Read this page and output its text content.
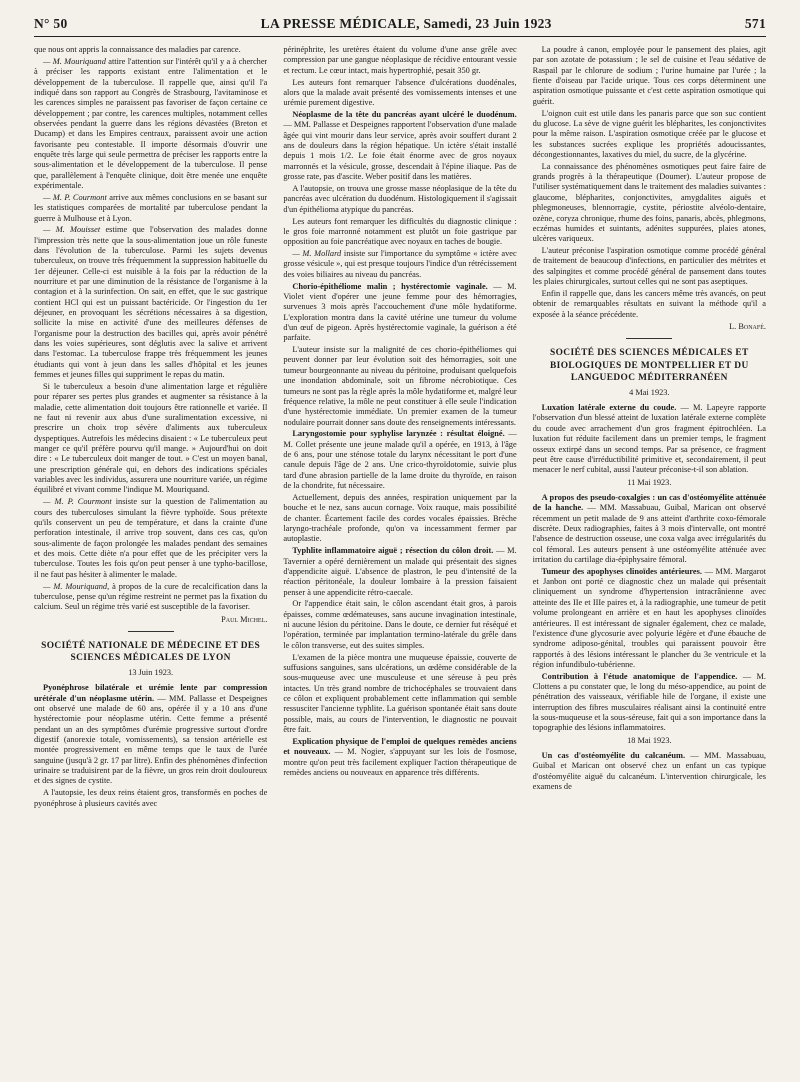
N° 50	LA PRESSE MÉDICALE, Samedi, 23 Juin 1923	571

que nous ont appris la connaissance des maladies par carence.

— M. Mouriquand attire l'attention sur l'intérêt qu'il y a à chercher à préciser les rapports existant entre l'alimentation et le développement de la tuberculose. Il rappelle que, ainsi qu'il l'a indiqué dans son rapport au Congrès de Strasbourg, l'avitaminose et les carences simples ne paraissent pas favoriser de façon certaine ce développement ; par contre, les carences multiples, notamment celles observées pendant la guerre dans les régions dévastées (Breton et Ducamp) et dans les Empires centraux, paraissent avoir une action favorisante peu contestable. Il importe désormais d'ouvrir une enquête très large qui seule permettra de préciser les rapports entre la sous-alimentation et le développement de la tuberculose. Il pense que, parallèlement à l'enquête clinique, doit être menée une enquête expérimentale.

— M. P. Courmont arrive aux mêmes conclusions en se basant sur les statistiques comparées de mortalité par tuberculose pendant la guerre à Mulhouse et à Lyon.

— M. Mouisset estime que l'observation des malades donne l'impression très nette que la sous-alimentation joue un rôle funeste dans l'évolution de la tuberculose. Parmi les sujets devenus tuberculeux, on trouve très fréquemment la suppression habituelle du 1er déjeuner. Celle-ci est nuisible à la fois par la réduction de la nourriture et par une diminution de la résistance de l'organisme à la contagion et à la surinfection. On sait, en effet, que le suc gastrique contient HCl qui est un puissant bactéricide. Or l'ingestion du 1er déjeuner, en provoquant les sécrétions nécessaires à sa digestion, sollicite la mise en activité d'une des meilleures défenses de l'organisme pour la destruction des bacilles qui, après avoir pénétré dans les voies supérieures, sont déglutis avec la salive et arrivent dans l'estomac. La tuberculose frappe très fréquemment les jeunes étudiants qui vont à jeun dans les salles d'hôpital et les jeunes femmes et jeunes filles qui suppriment le repas du matin.

Si le tuberculeux a besoin d'une alimentation large et régulière pour réparer ses pertes plus grandes et augmenter sa résistance à la maladie, cette alimentation doit toujours être rationnelle et variée. Il ne faut ni revenir aux abus d'une suralimentation excessive, ni prescrire un choix trop sévère d'aliments aux tuberculeux dyspeptiques. Autrefois les médecins disaient : « Le tuberculeux peut manger ce qu'il préfère pourvu qu'il mange. » Aujourd'hui on doit dire : « Le tuberculeux doit manger de tout. » C'est un moyen banal, une prescription générale qui, en dehors des indications spéciales variables avec les individus, assurera une nourriture variée, un régime équilibré et vivant comme l'indique M. Mouriquand.

— M. P. Courmont insiste sur la question de l'alimentation au cours des tuberculoses simulant la fièvre typhoïde. Sous prétexte qu'ils conservent un peu de température, et dans la crainte d'une perforation intestinale, il arrive trop souvent, dans ces cas, qu'on sous-alimente de façon prolongée les malades pendant des semaines et des mois. Cette diète n'a pour effet que de les précipiter vers la tuberculose. Toutes les fois qu'on peut penser à une typho-bacillose, il ne faut pas hésiter à alimenter le malade.

— M. Mouriquand, à propos de la cure de recalcification dans la tuberculose, pense qu'un régime restreint ne permet pas la fixation du calcium. Seul un régime très varié est susceptible de la favoriser.

Paul Michel.

SOCIÉTÉ NATIONALE DE MÉDECINE ET DES SCIENCES MÉDICALES DE LYON
13 Juin 1923.

Pyonéphrose bilatérale et urémie lente par compression urétérale d'un néoplasme utérin. — MM. Pallasse et Despeignes ont observé une malade de 60 ans, opérée il y a 10 ans d'une hystérectomie pour néoplasme utérin. Cette femme a présenté pendant un an des symptômes d'urémie progressive surtout d'ordre digestif (anorexie totale, vomissements), sa tension artérielle est montée progressivement en même temps que le taux de l'urée sanguine (jusqu'à 2 gr. 17 par litre). Enfin des phénomènes d'infection urinaire se traduisirent par de la fièvre, un gros rein droit douloureux et des signes de cystite.

A l'autopsie, les deux reins étaient gros, transformés en poches de pyonéphrose à plusieurs cavités avec

périnéphrite, les uretères étaient du volume d'une anse grêle avec compression par une gangue néoplasique de récidive entourant vessie et rectum. Le cœur intact, mais hypertrophié, pesait 350 gr.

Les auteurs font remarquer l'absence d'ulcérations duodénales, alors que la malade avait présenté des vomissements intenses et une urémie purement digestive.

Néoplasme de la tête du pancréas ayant ulcéré le duodénum. — MM. Pallasse et Despeignes rapportent l'observation d'une malade âgée qui vint mourir dans leur service, après avoir souffert durant 2 ans de douleurs dans la région hépatique. Un ictère s'était installé depuis 1 mois 1/2. Le foie était énorme avec de gros noyaux marronnés et la vésicule, grosse, descendait à l'épine iliaque. Pas de grosse rate, pas d'ascite. Weber positif dans les matières.

A l'autopsie, on trouva une grosse masse néoplasique de la tête du pancréas avec ulcération du duodénum. Histologiquement il s'agissait d'un épithélioma atypique du pancréas.

Les auteurs font remarquer les difficultés du diagnostic clinique : le gros foie marronné notamment est plutôt un foie gastrique par opposition au foie pancréatique avec noyaux en taches de bougie.

— M. Mollard insiste sur l'importance du symptôme « ictère avec grosse vésicule », qui est presque toujours l'indice d'un rétrécissement des voies biliaires au niveau du pancréas.

Chorio-épithéliome malin ; hystérectomie vaginale. — M. Violet vient d'opérer une jeune femme pour des hémorragies, survenues 3 mois après l'accouchement d'une môle hydatiforme. L'exploration montra dans la cavité utérine une tumeur du volume d'un œuf de pigeon. Après hystérectomie vaginale, la guérison a été parfaite.

L'auteur insiste sur la malignité de ces chorio-épithéliomes qui peuvent donner par leur évolution soit des hémorragies, soit une tumeur bourgeonnante au niveau du péritoine, produisant quelquefois une inondation abdominale, soit un fibrome nécrobiotique. Ces tumeurs ne sont pas la règle après la môle hydatiforme et, malgré leur fréquence relative, la môle ne peut constituer à elle seule l'indication d'une hystérectomie immédiate. Un premier examen de la tumeur nodulaire pourrait donner sans doute des renseignements intéressants.

Laryngostomie pour syphylise larynzée : résultat éloigné. — M. Collet présente une jeune malade qu'il a opérée, en 1913, à l'âge de 6 ans, pour une sténose totale du larynx nécessitant le port d'une canule depuis l'âge de 2 ans. Une crico-thyroïdotomie, suivie plus tard d'une abrasion partielle de la lame droite du thyroïde, en raison de la chondrite, fut nécessaire.

Actuellement, depuis des années, respiration uniquement par la bouche et le nez, sans aucun cornage. Voix rauque, mais possibilité de chanter. Écartement facile des cordes vocales épaissies. Brèche laryngo-trachéale profonde, qu'on va incessamment fermer par autoplastie.

Typhlite inflammatoire aiguë ; résection du côlon droit. — M. Tavernier a opéré dernièrement un malade qui présentait des signes d'appendicite aiguë. L'absence de plastron, le peu d'intensité de la réaction péritonéale, la douleur lombaire à la pression faisaient penser à une appendicite rétro-caecale.

Or l'appendice était sain, le côlon ascendant était gros, à parois épaisses, comme œdémateuses, sans aucune invagination intestinale, ni aucune lésion du péritoine. Dans le doute, ce dernier fut réséqué et l'opération, terminée par implantation termino-latérale du grêle dans le côlon transverse, eut des suites simples.

L'examen de la pièce montra une muqueuse épaissie, couverte de suffusions sanguines, sans ulcérations, un œdème considérable de la sous-muqueuse avec une musculeuse et une séreuse à peu près intactes. Un très grand nombre de trichocéphales se trouvaient dans ce côlon et expliquent probablement cette inflammation qui semble ressusciter l'ancienne typhlite. La guérison spontanée était sans doute possible, mais, au cours de l'intervention, le diagnostic ne pouvait être fait.

Explication physique de l'emploi de quelques remèdes anciens et nouveaux. — M. Nogier, s'appuyant sur les lois de l'osmose, montre qu'on peut très facilement expliquer l'action thérapeutique de remèdes anciens ou nouveaux en apparence très différents.

La poudre à canon, employée pour le pansement des plaies, agit par son azotate de potassium ; le sel de cuisine et l'eau sédative de Raspail par le chlorure de sodium ; l'urine humaine par l'urée ; la fiente d'oiseau par l'acide urique. Tous ces corps déterminent une aspiration osmotique puissante et c'est cette aspiration osmotique qui guérit.

L'oignon cuit est utile dans les panaris parce que son suc contient du glucose. La sève de vigne guérit les blépharites, les conjonctivites pour la même raison. L'aspiration osmotique créée par le glucose et les substances sucrées explique les propriétés adoucissantes, décongestionnantes, laxatives du miel, du sucre, de la glycérine.

La connaissance des phénomènes osmotiques peut faire faire de grands progrès à la thérapeutique (Doumer). L'auteur propose de l'utiliser systématiquement dans le traitement des maladies suivantes : glaucome, blépharites, conjonctivites, amygdalites aiguës et phlegmoneuses, blennorragie, cystite, périostite alvéolo-dentaire, ozène, coryza chronique, rhume des foins, panaris, abcès, phlegmons, eczémas humides et suintants, adénites suppurées, plaies atones, ulcères variqueux.

L'auteur préconise l'aspiration osmotique comme procédé général de traitement de beaucoup d'infections, en particulier des métrites et des salpingites et comme procédé général de pansement dans toutes les plaies chirurgicales, surtout celles qui ne sont pas aseptiques.

Enfin il rappelle que, dans les cancers même très avancés, on peut obtenir de remarquables résultats en suivant la méthode qu'il a exposée à la séance précédente.

L. Bonafé.

SOCIÉTÉ DES SCIENCES MÉDICALES ET BIOLOGIQUES DE MONTPELLIER ET DU LANGUEDOC MÉDITERRANÉEN
4 Mai 1923.

Luxation latérale externe du coude. — M. Lapeyre rapporte l'observation d'un blessé atteint de luxation latérale externe complète du coude avec arrachement d'un gros fragment épitrochléen. La luxation fut réduite facilement dans un premier temps, le fragment osseux extirpé dans un second temps. Par sa présence, ce fragment peut être cause d'irréductibilité primitive et, secondairement, il peut menacer le nerf cubital, aussi l'auteur préconise-t-il son ablation.

11 Mai 1923.

A propos des pseudo-coxalgies : un cas d'ostéomyélite atténuée de la hanche. — MM. Massabuau, Guibal, Marican ont observé récemment un petit malade de 9 ans atteint d'arthrite coxo-fémorale discrète. Deux radiographies, faites à 3 mois d'intervalle, ont montré l'absence de destruction osseuse, une coxa valga avec irrégularités du col fémoral. Les auteurs pensent à une ostéomyélite atténuée avec irritation du cartilage dia-épiphysaire fémoral.

Tumeur des apophyses clinoïdes antérieures. — MM. Margarot et Janbon ont porté ce diagnostic chez un malade qui présentait cliniquement un syndrome d'hypertension intracrânienne avec atteinte des IIe et IIIe paires et, à la radiographie, une tumeur de petit volume prolongeant en arrière et en haut les apophyses clinoïdes antérieures. Il est intéressant de signaler également, chez ce malade, l'existence d'une glycosurie avec polyurie légère et d'une ébauche de syndrome adiposo-génital, troubles qui paraissent pouvoir être rapportés à des lésions intéressant le plancher du 3e ventricule et la région infundibulo-tubérienne.

Contribution à l'étude anatomique de l'appendice. — M. Clottens a pu constater que, le long du méso-appendice, au point de pénétration des vaisseaux, vérifiable hile de l'organe, il existe une interruption des fibres musculaires réalisant ainsi la continuité entre la sous-muqueuse et la sous-séreuse, fait qui a son importance dans la topographie des lésions inflammatoires.

18 Mai 1923.

Un cas d'ostéomyélite du calcanéum. — MM. Massabuau, Guibal et Marican ont observé chez un enfant un cas typique d'ostéomyélite aiguë du calcanéum. L'intervention chirurgicale, les examens de
